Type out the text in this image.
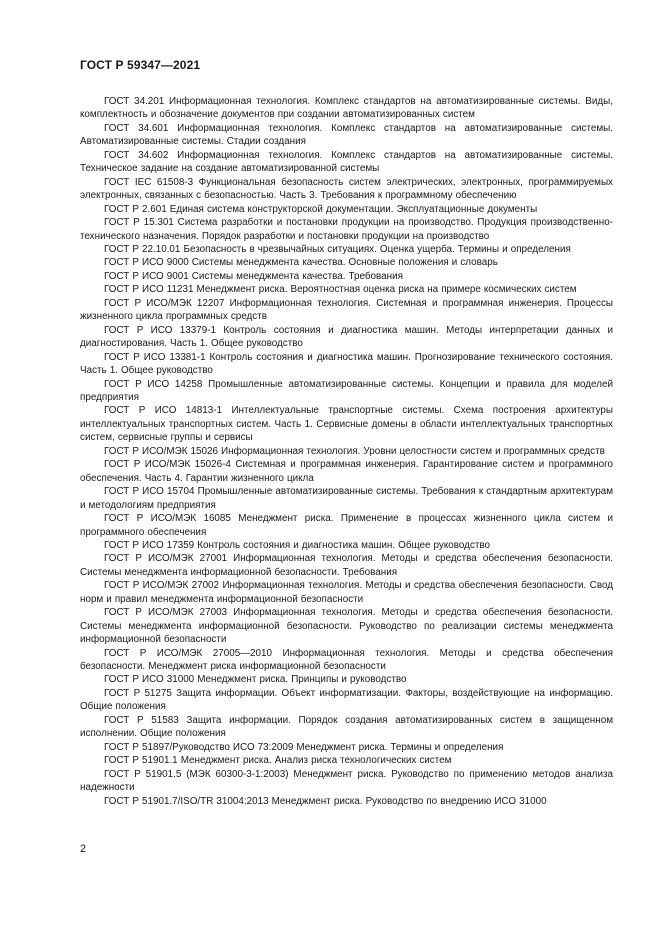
ГОСТ Р 59347—2021

ГОСТ 34.201 Информационная технология. Комплекс стандартов на автоматизированные системы. Виды, комплектность и обозначение документов при создании автоматизированных систем

ГОСТ 34.601 Информационная технология. Комплекс стандартов на автоматизированные системы. Автоматизированные системы. Стадии создания

ГОСТ 34.602 Информационная технология. Комплекс стандартов на автоматизированные системы. Техническое задание на создание автоматизированной системы

ГОСТ IEC 61508-3 Функциональная безопасность систем электрических, электронных, программируемых электронных, связанных с безопасностью. Часть 3. Требования к программному обеспечению

ГОСТ Р 2.601 Единая система конструкторской документации. Эксплуатационные документы

ГОСТ Р 15.301 Система разработки и постановки продукции на производство. Продукция производственно-технического назначения. Порядок разработки и постановки продукции на производство

ГОСТ Р 22.10.01 Безопасность в чрезвычайных ситуациях. Оценка ущерба. Термины и определения

ГОСТ Р ИСО 9000 Системы менеджмента качества. Основные положения и словарь

ГОСТ Р ИСО 9001 Системы менеджмента качества. Требования

ГОСТ Р ИСО 11231 Менеджмент риска. Вероятностная оценка риска на примере космических систем

ГОСТ Р ИСО/МЭК 12207 Информационная технология. Системная и программная инженерия. Процессы жизненного цикла программных средств

ГОСТ Р ИСО 13379-1 Контроль состояния и диагностика машин. Методы интерпретации данных и диагностирования. Часть 1. Общее руководство

ГОСТ Р ИСО 13381-1 Контроль состояния и диагностика машин. Прогнозирование технического состояния. Часть 1. Общее руководство

ГОСТ Р ИСО 14258 Промышленные автоматизированные системы. Концепции и правила для моделей предприятия

ГОСТ Р ИСО 14813-1 Интеллектуальные транспортные системы. Схема построения архитектуры интеллектуальных транспортных систем. Часть 1. Сервисные домены в области интеллектуальных транспортных систем, сервисные группы и сервисы

ГОСТ Р ИСО/МЭК 15026 Информационная технология. Уровни целостности систем и программных средств

ГОСТ Р ИСО/МЭК 15026-4 Системная и программная инженерия. Гарантирование систем и программного обеспечения. Часть 4. Гарантии жизненного цикла

ГОСТ Р ИСО 15704 Промышленные автоматизированные системы. Требования к стандартным архитектурам и методологиям предприятия

ГОСТ Р ИСО/МЭК 16085 Менеджмент риска. Применение в процессах жизненного цикла систем и программного обеспечения

ГОСТ Р ИСО 17359 Контроль состояния и диагностика машин. Общее руководство

ГОСТ Р ИСО/МЭК 27001 Информационная технология. Методы и средства обеспечения безопасности. Системы менеджмента информационной безопасности. Требования

ГОСТ Р ИСО/МЭК 27002 Информационная технология. Методы и средства обеспечения безопасности. Свод норм и правил менеджмента информационной безопасности

ГОСТ Р ИСО/МЭК 27003 Информационная технология. Методы и средства обеспечения безопасности. Системы менеджмента информационной безопасности. Руководство по реализации системы менеджмента информационной безопасности

ГОСТ Р ИСО/МЭК 27005—2010 Информационная технология. Методы и средства обеспечения безопасности. Менеджмент риска информационной безопасности

ГОСТ Р ИСО 31000 Менеджмент риска. Принципы и руководство

ГОСТ Р 51275 Защита информации. Объект информатизации. Факторы, воздействующие на информацию. Общие положения

ГОСТ Р 51583 Защита информации. Порядок создания автоматизированных систем в защищенном исполнении. Общие положения

ГОСТ Р 51897/Руководство ИСО 73:2009 Менеджмент риска. Термины и определения

ГОСТ Р 51901.1 Менеджмент риска. Анализ риска технологических систем

ГОСТ Р 51901.5 (МЭК 60300-3-1:2003) Менеджмент риска. Руководство по применению методов анализа надежности

ГОСТ Р 51901.7/ISO/TR 31004:2013 Менеджмент риска. Руководство по внедрению ИСО 31000

2
